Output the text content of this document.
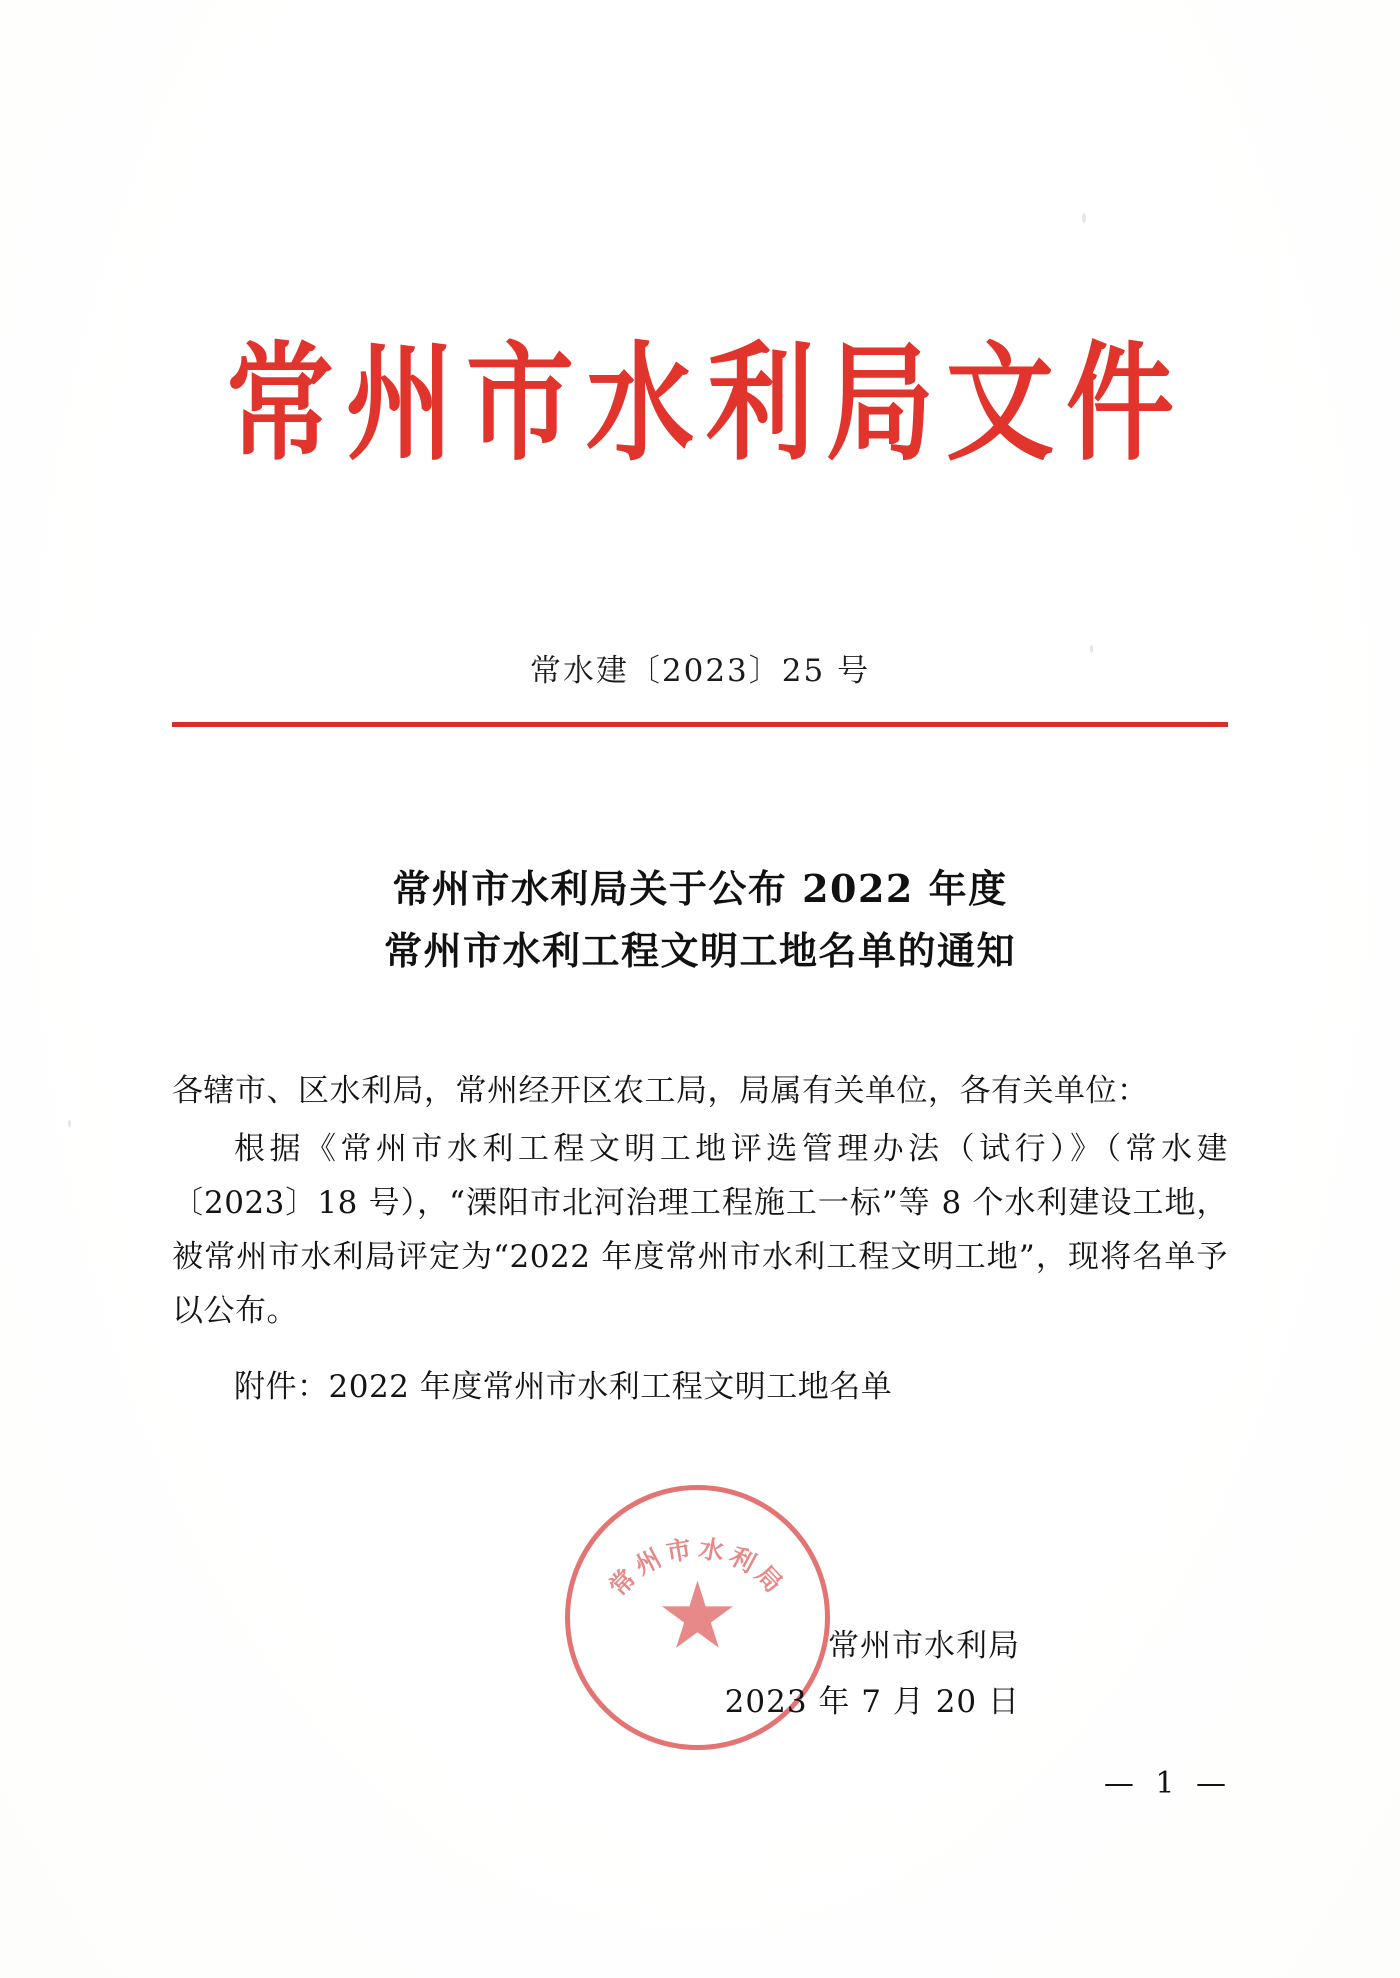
常州市水利局文件
常水建〔2023〕25 号
常州市水利局关于公布 2022 年度
常州市水利工程文明工地名单的通知

各辖市、区水利局，常州经开区农工局，局属有关单位，各有关单位：

根据《常州市水利工程文明工地评选管理办法（试行）》（常水建〔2023〕18 号），“溧阳市北河治理工程施工一标”等 8 个水利建设工地，被常州市水利局评定为“2022 年度常州市水利工程文明工地”，现将名单予以公布。

附件：2022 年度常州市水利工程文明工地名单

常州市水利局
常州市水利局
2023 年 7 月 20 日
— 1 —
